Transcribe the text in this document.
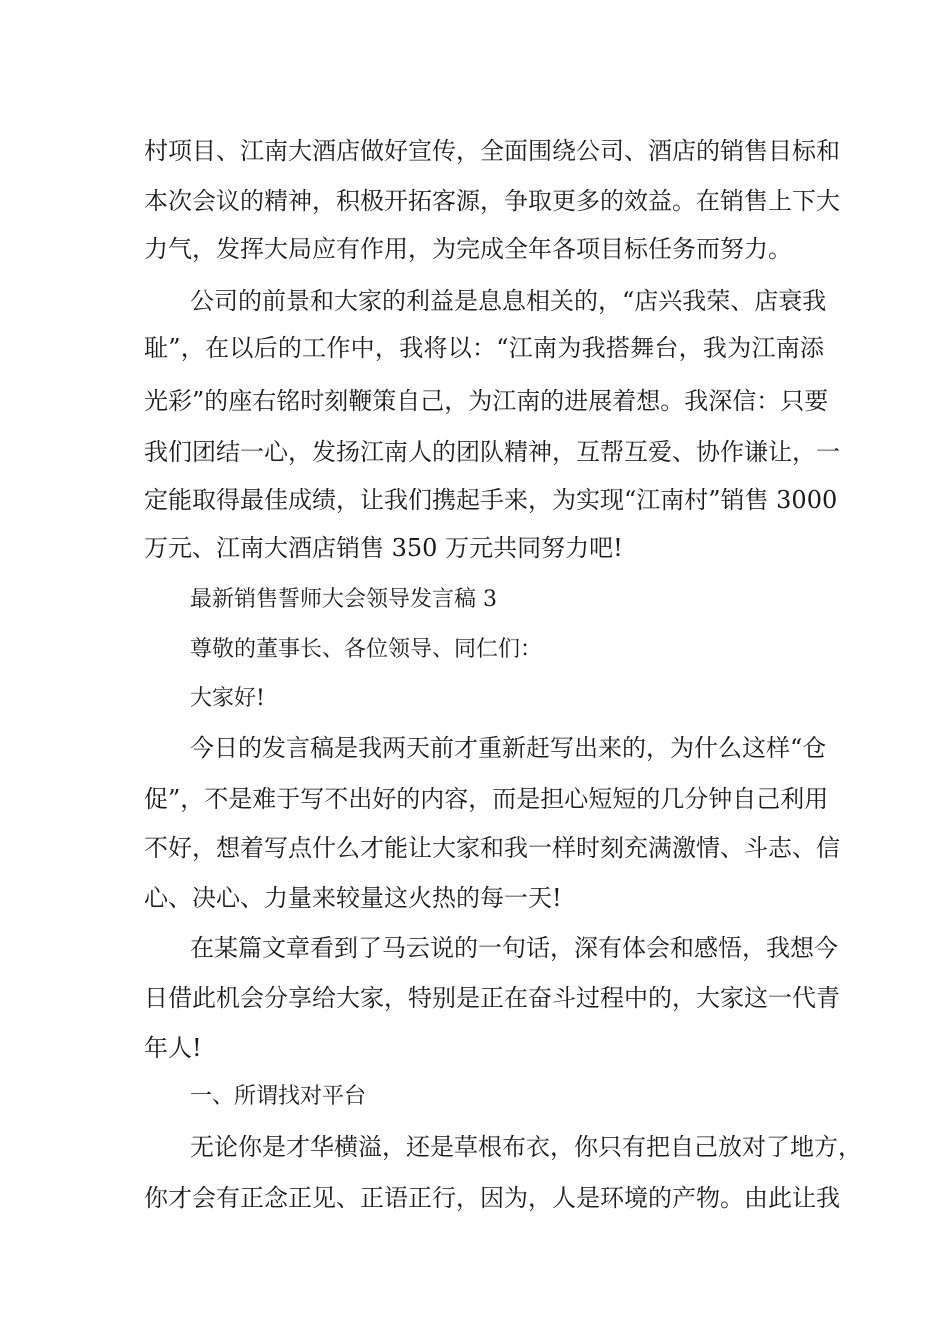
村项目、江南大酒店做好宣传，全面围绕公司、酒店的销售目标和
本次会议的精神，积极开拓客源，争取更多的效益。在销售上下大
力气，发挥大局应有作用，为完成全年各项目标任务而努力。
公司的前景和大家的利益是息息相关的，“店兴我荣、店衰我
耻”，在以后的工作中，我将以：“江南为我搭舞台，我为江南添
光彩”的座右铭时刻鞭策自己，为江南的进展着想。我深信：只要
我们团结一心，发扬江南人的团队精神，互帮互爱、协作谦让，一
定能取得最佳成绩，让我们携起手来，为实现“江南村”销售 3000
万元、江南大酒店销售 350 万元共同努力吧!
最新销售誓师大会领导发言稿 3
尊敬的董事长、各位领导、同仁们：
大家好!
今日的发言稿是我两天前才重新赶写出来的，为什么这样“仓
促”，不是难于写不出好的内容，而是担心短短的几分钟自己利用
不好，想着写点什么才能让大家和我一样时刻充满激情、斗志、信
心、决心、力量来较量这火热的每一天!
在某篇文章看到了马云说的一句话，深有体会和感悟，我想今
日借此机会分享给大家，特别是正在奋斗过程中的，大家这一代青
年人!
一、所谓找对平台
无论你是才华横溢，还是草根布衣，你只有把自己放对了地方，
你才会有正念正见、正语正行，因为，人是环境的产物。由此让我
